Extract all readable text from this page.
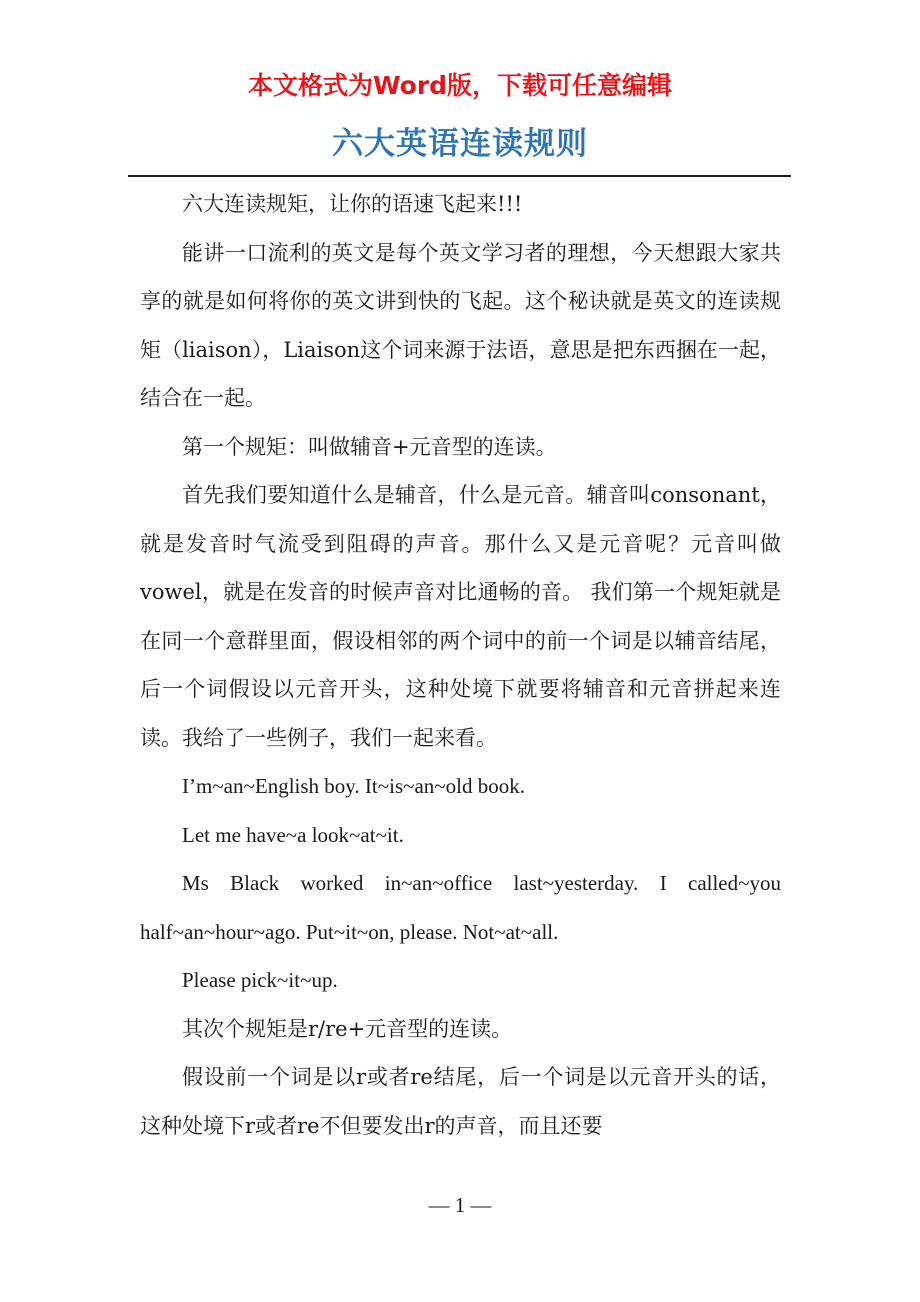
本文格式为Word版，下载可任意编辑
六大英语连读规则

六大连读规矩，让你的语速飞起来!!!

能讲一口流利的英文是每个英文学习者的理想，今天想跟大家共享的就是如何将你的英文讲到快的飞起。这个秘诀就是英文的连读规矩（liaison），Liaison这个词来源于法语，意思是把东西捆在一起，结合在一起。

第一个规矩：叫做辅音+元音型的连读。

首先我们要知道什么是辅音，什么是元音。辅音叫consonant，就是发音时气流受到阻碍的声音。那什么又是元音呢？元音叫做vowel，就是在发音的时候声音对比通畅的音。 我们第一个规矩就是在同一个意群里面，假设相邻的两个词中的前一个词是以辅音结尾，后一个词假设以元音开头，这种处境下就要将辅音和元音拼起来连读。我给了一些例子，我们一起来看。

I’m~an~English boy. It~is~an~old book.

Let me have~a look~at~it.

Ms Black worked in~an~office last~yesterday. I called~you half~an~hour~ago. Put~it~on, please. Not~at~all.

Please pick~it~up.

其次个规矩是r/re+元音型的连读。

假设前一个词是以r或者re结尾，后一个词是以元音开头的话，这种处境下r或者re不但要发出r的声音，而且还要

— 1 —
